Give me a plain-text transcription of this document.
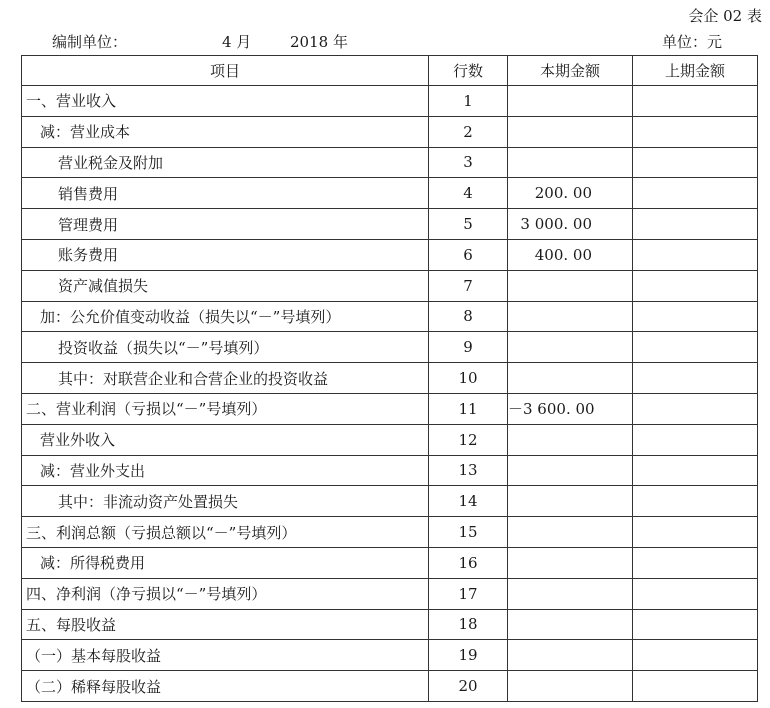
会企 02 表
编制单位：	4 月	2018 年	单位：元
项目	行数	本期金额	上期金额
一、营业收入	1		
减：营业成本	2		
营业税金及附加	3		
销售费用	4	200. 00	
管理费用	5	3 000. 00	
账务费用	6	400. 00	
资产减值损失	7		
加：公允价值变动收益（损失以“－”号填列）	8		
投资收益（损失以“－”号填列）	9		
其中：对联营企业和合营企业的投资收益	10		
二、营业利润（亏损以“－”号填列）	11	－3 600. 00	
营业外收入	12		
减：营业外支出	13		
其中：非流动资产处置损失	14		
三、利润总额（亏损总额以“－”号填列）	15		
减：所得税费用	16		
四、净利润（净亏损以“－”号填列）	17		
五、每股收益	18		
（一）基本每股收益	19		
（二）稀释每股收益	20		
